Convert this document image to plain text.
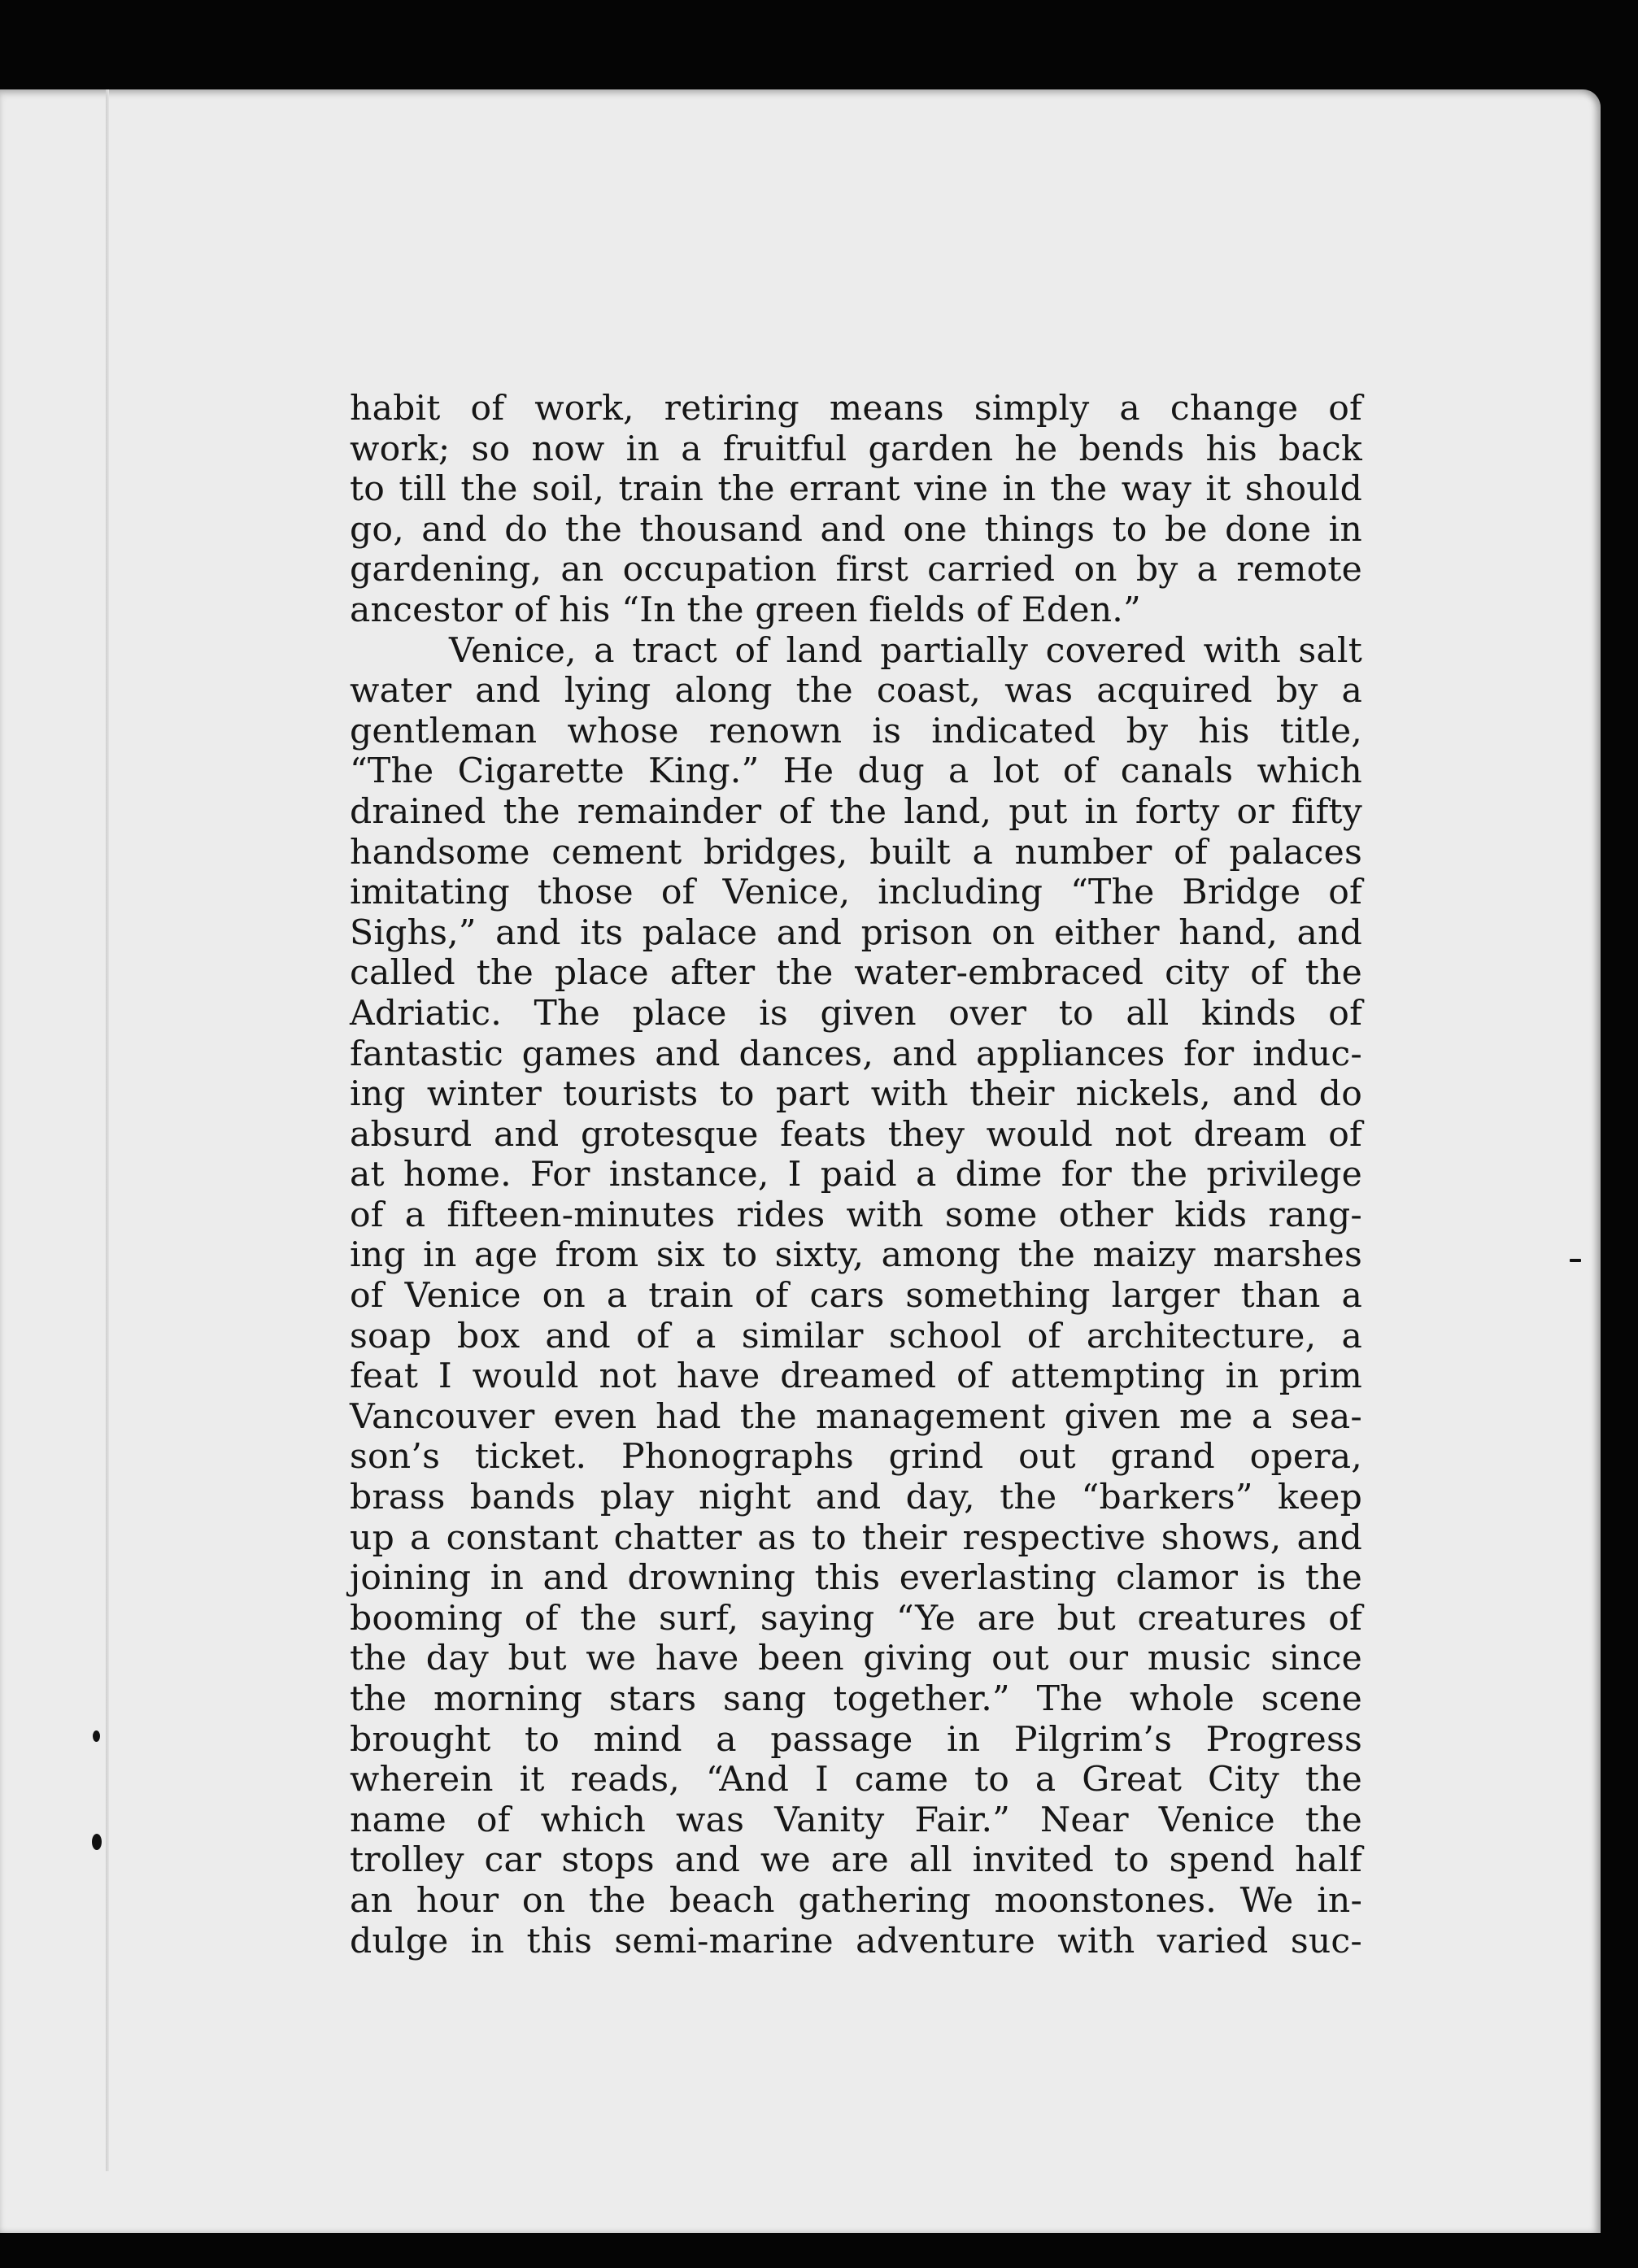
habit of work, retiring means simply a change of
work; so now in a fruitful garden he bends his back
to till the soil, train the errant vine in the way it should
go, and do the thousand and one things to be done in
gardening, an occupation first carried on by a remote
ancestor of his “In the green fields of Eden.”
Venice, a tract of land partially covered with salt
water and lying along the coast, was acquired by a
gentleman whose renown is indicated by his title,
“The Cigarette King.” He dug a lot of canals which
drained the remainder of the land, put in forty or fifty
handsome cement bridges, built a number of palaces
imitating those of Venice, including “The Bridge of
Sighs,” and its palace and prison on either hand, and
called the place after the water-embraced city of the
Adriatic. The place is given over to all kinds of
fantastic games and dances, and appliances for induc-
ing winter tourists to part with their nickels, and do
absurd and grotesque feats they would not dream of
at home. For instance, I paid a dime for the privilege
of a fifteen-minutes rides with some other kids rang-
ing in age from six to sixty, among the maizy marshes
of Venice on a train of cars something larger than a
soap box and of a similar school of architecture, a
feat I would not have dreamed of attempting in prim
Vancouver even had the management given me a sea-
son’s ticket. Phonographs grind out grand opera,
brass bands play night and day, the “barkers” keep
up a constant chatter as to their respective shows, and
joining in and drowning this everlasting clamor is the
booming of the surf, saying “Ye are but creatures of
the day but we have been giving out our music since
the morning stars sang together.” The whole scene
brought to mind a passage in Pilgrim’s Progress
wherein it reads, “And I came to a Great City the
name of which was Vanity Fair.” Near Venice the
trolley car stops and we are all invited to spend half
an hour on the beach gathering moonstones. We in-
dulge in this semi-marine adventure with varied suc-
